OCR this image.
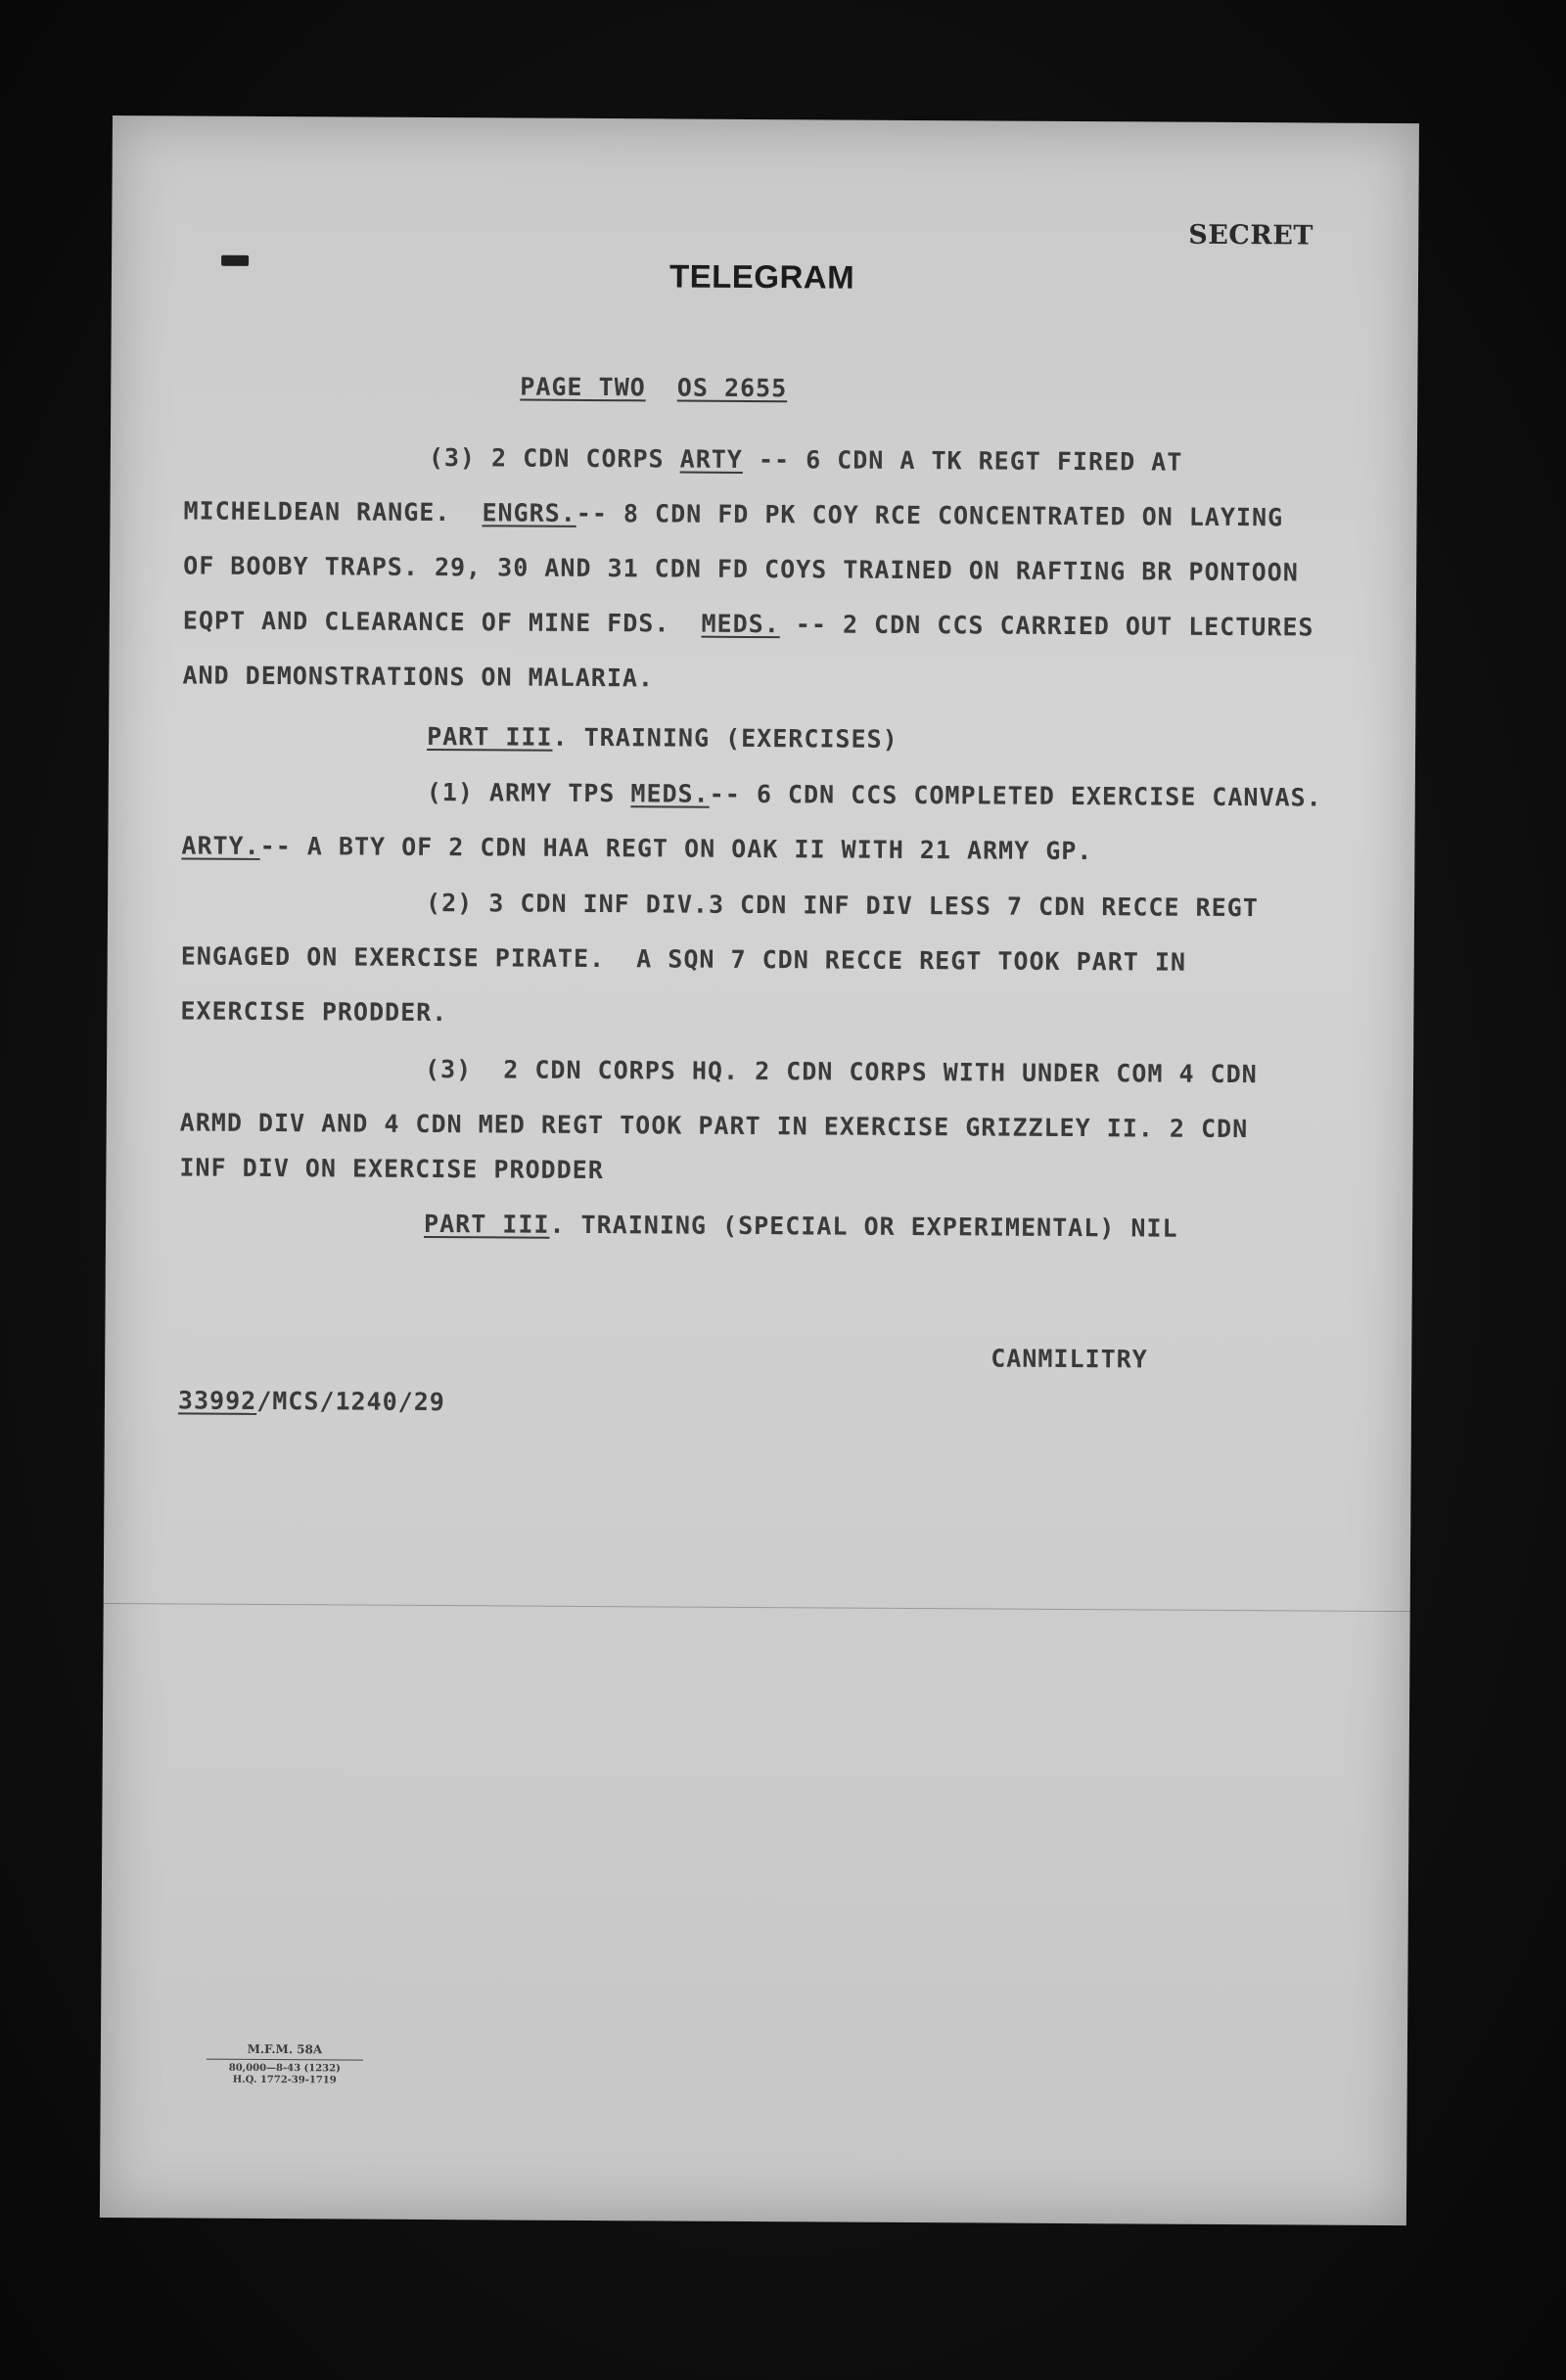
SECRET
TELEGRAM
PAGE TWO OS 2655
(3) 2 CDN CORPS ARTY -- 6 CDN A TK REGT FIRED AT
MICHELDEAN RANGE.  ENGRS.-- 8 CDN FD PK COY RCE CONCENTRATED ON LAYING
OF BOOBY TRAPS. 29, 30 AND 31 CDN FD COYS TRAINED ON RAFTING BR PONTOON
EQPT AND CLEARANCE OF MINE FDS.  MEDS. -- 2 CDN CCS CARRIED OUT LECTURES
AND DEMONSTRATIONS ON MALARIA.
PART III. TRAINING (EXERCISES)
(1) ARMY TPS MEDS.-- 6 CDN CCS COMPLETED EXERCISE CANVAS.
ARTY.-- A BTY OF 2 CDN HAA REGT ON OAK II WITH 21 ARMY GP.
(2) 3 CDN INF DIV.3 CDN INF DIV LESS 7 CDN RECCE REGT
ENGAGED ON EXERCISE PIRATE.  A SQN 7 CDN RECCE REGT TOOK PART IN
EXERCISE PRODDER.
(3)  2 CDN CORPS HQ. 2 CDN CORPS WITH UNDER COM 4 CDN
ARMD DIV AND 4 CDN MED REGT TOOK PART IN EXERCISE GRIZZLEY II. 2 CDN
INF DIV ON EXERCISE PRODDER
PART III. TRAINING (SPECIAL OR EXPERIMENTAL) NIL
CANMILITRY
33992/MCS/1240/29
M.F.M. 58A
80,000—8-43 (1232)
H.Q. 1772-39-1719
